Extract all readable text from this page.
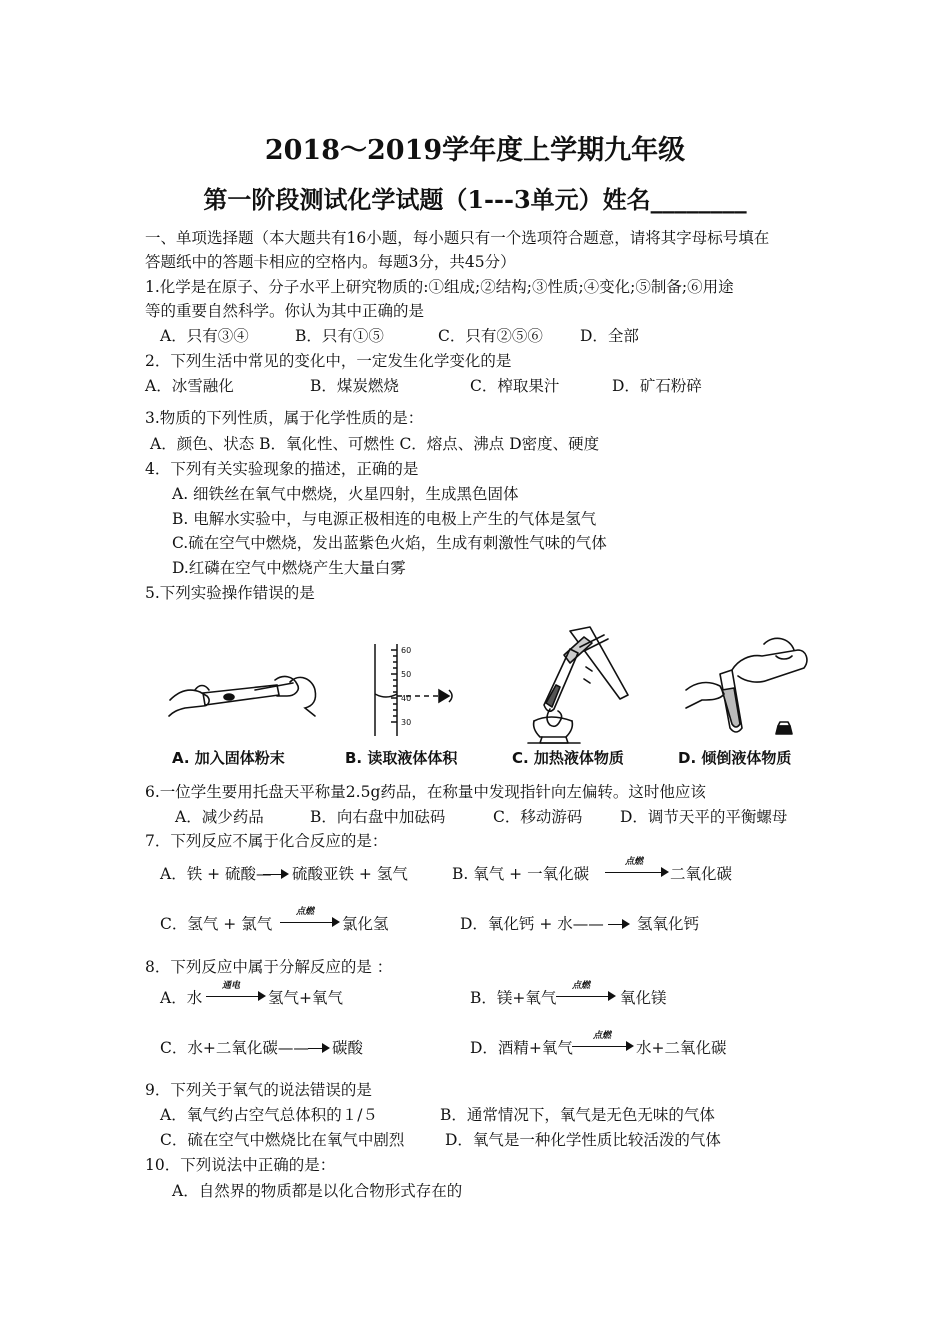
2018～2019学年度上学期九年级
第一阶段测试化学试题（1---3单元）姓名________
一、单项选择题（本大题共有16小题，每小题只有一个选项符合题意，请将其字母标号填在
答题纸中的答题卡相应的空格内。每题3分，共45分）
1.化学是在原子、分子水平上研究物质的:①组成;②结构;③性质;④变化;⑤制备;⑥用途
等的重要自然科学。你认为其中正确的是
A．只有③④	B．只有①⑤	C．只有②⑤⑥ D．全部
2．下列生活中常见的变化中，一定发生化学变化的是
A．冰雪融化	B．煤炭燃烧	C．榨取果汁	D．矿石粉碎
3.物质的下列性质，属于化学性质的是：
A．颜色、状态 B．氧化性、可燃性 C．熔点、沸点 D密度、硬度
4．下列有关实验现象的描述，正确的是
A. 细铁丝在氧气中燃烧，火星四射，生成黑色固体
B. 电解水实验中，与电源正极相连的电极上产生的气体是氢气
C.硫在空气中燃烧，发出蓝紫色火焰，生成有刺激性气味的气体
D.红磷在空气中燃烧产生大量白雾
5.下列实验操作错误的是
60
50
40
30
A. 加入固体粉末	B. 读取液体体积	C. 加热液体物质	D. 倾倒液体物质
6.一位学生要用托盘天平称量2.5g药品，在称量中发现指针向左偏转。这时他应该
A．减少药品	B．向右盘中加砝码	C．移动游码 D．调节天平的平衡螺母
7．下列反应不属于化合反应的是：
A．铁 + 硫酸— 硫酸亚铁 + 氢气	B. 氧气 + 一氧化碳
点燃
二氧化碳
C．氢气 + 氯气
点燃
氯化氢	D．氧化钙 + 水—— 氢氧化钙
8．下列反应中属于分解反应的是 ：
A．水
通电
氢气+氧气	B．镁+氧气
点燃
氧化镁
C．水+二氧化碳—— 碳酸	D．酒精+氧气
点燃
水+二氧化碳
9．下列关于氧气的说法错误的是
A．氧气约占空气总体积的１/５	B．通常情况下，氧气是无色无味的气体
C．硫在空气中燃烧比在氧气中剧烈	D．氧气是一种化学性质比较活泼的气体
10．下列说法中正确的是：
A．自然界的物质都是以化合物形式存在的
